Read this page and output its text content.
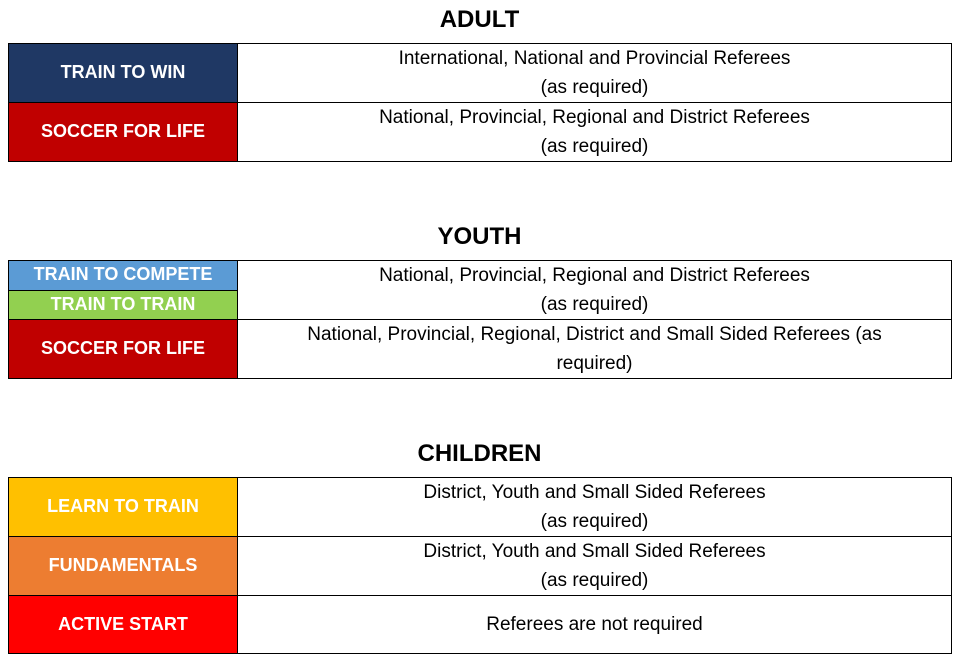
ADULT
TRAIN TO WIN	International, National and Provincial Referees
(as required)

SOCCER FOR LIFE	National, Provincial, Regional and District Referees
(as required)
YOUTH
TRAIN TO COMPETE	National, Provincial, Regional and District Referees
(as required)

TRAIN TO TRAIN	
SOCCER FOR LIFE	National, Provincial, Regional, District and Small Sided Referees (as
required)
CHILDREN
LEARN TO TRAIN	District, Youth and Small Sided Referees
(as required)

FUNDAMENTALS	District, Youth and Small Sided Referees
(as required)

ACTIVE START	Referees are not required
